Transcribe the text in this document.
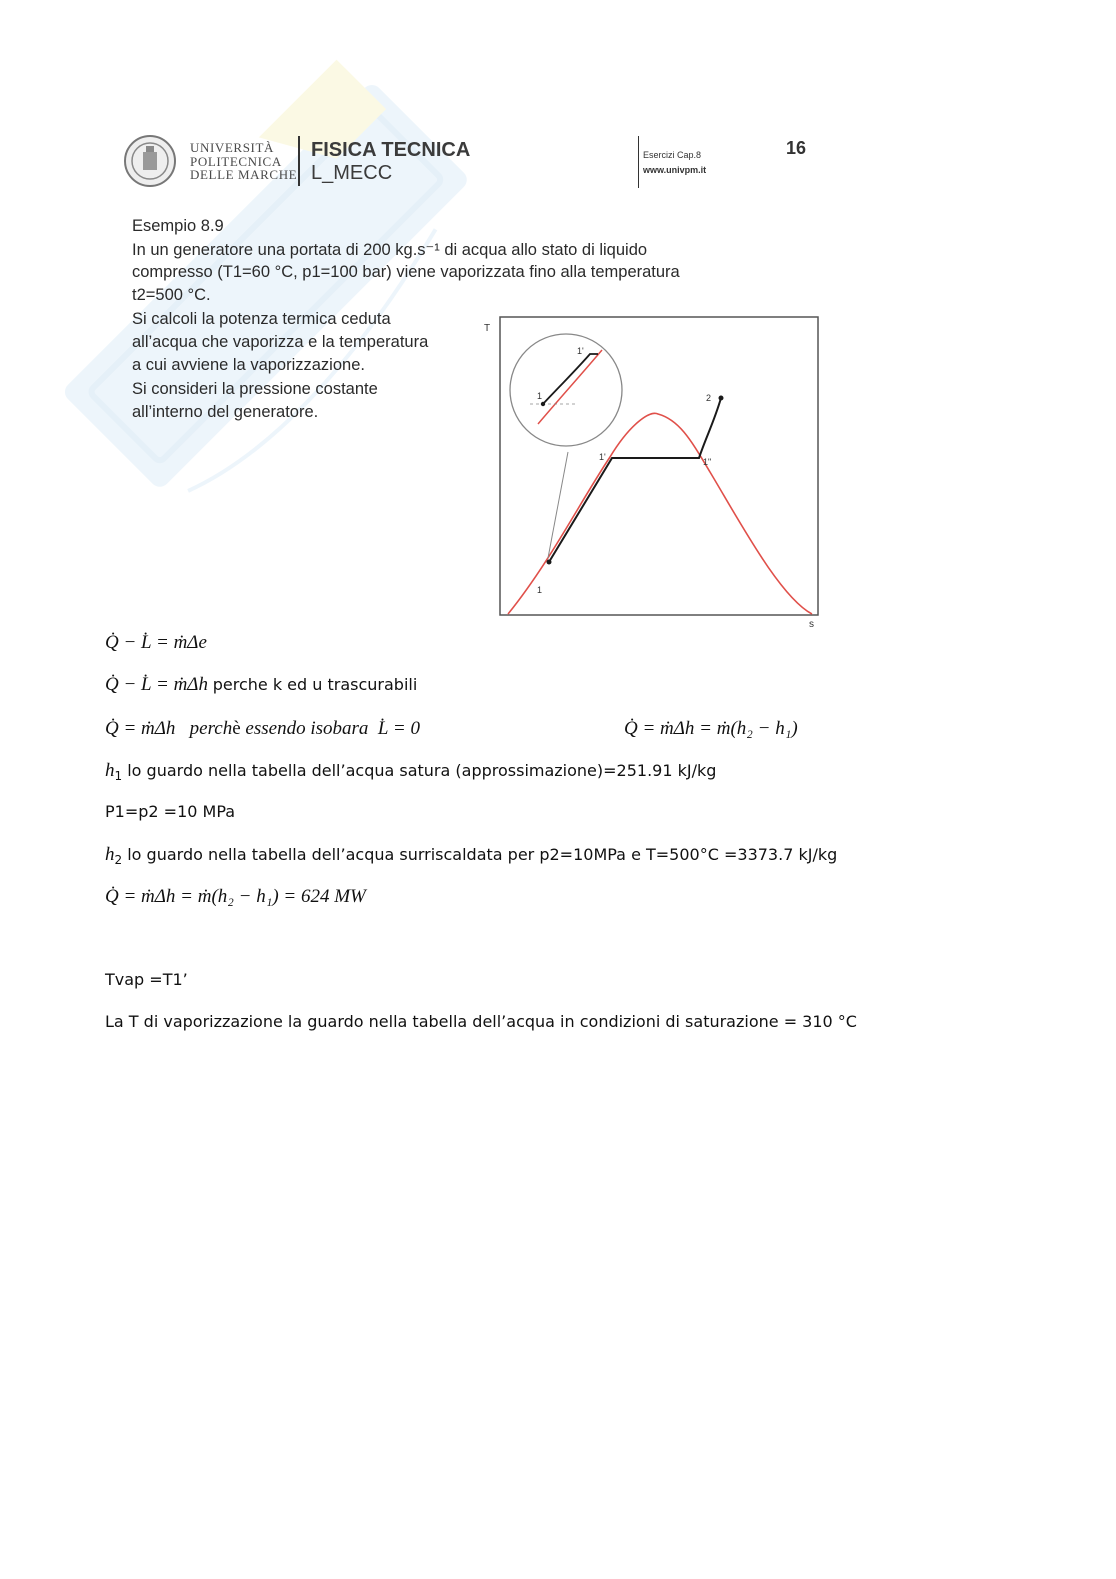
UNIVERSITÀ
POLITECNICA
DELLE MARCHE
FISICA TECNICA
L_MECC
Esercizi Cap.8
www.univpm.it
16
Esempio 8.9
In un generatore una portata di 200 kg.s⁻¹ di acqua allo stato di liquido
compresso (T1=60 °C, p1=100 bar) viene vaporizzata fino alla temperatura
t2=500 °C.
Si calcoli la potenza termica ceduta
all’acqua che vaporizza e la temperatura
a cui avviene la vaporizzazione.
Si consideri la pressione costante
all’interno del generatore.
T
s
1
1'	1"
2
1
1'
Q̇ − L̇ = ṁΔe
Q̇ − L̇ = ṁΔh perche k ed u trascurabili
Q̇ = ṁΔh perchè essendo isobara L̇ = 0	Q̇ = ṁΔh = ṁ(h₂ − h₁)
$h_1$ lo guardo nella tabella dell’acqua satura (approssimazione)=251.91 kJ/kg
P1=p2 =10 MPa
$h_2$ lo guardo nella tabella dell’acqua surriscaldata per p2=10MPa e T=500°C =3373.7 kJ/kg
Q̇ = ṁΔh = ṁ(h₂ − h₁) = 624 MW
Tvap =T1’
La T di vaporizzazione la guardo nella tabella dell’acqua in condizioni di saturazione = 310 °C
